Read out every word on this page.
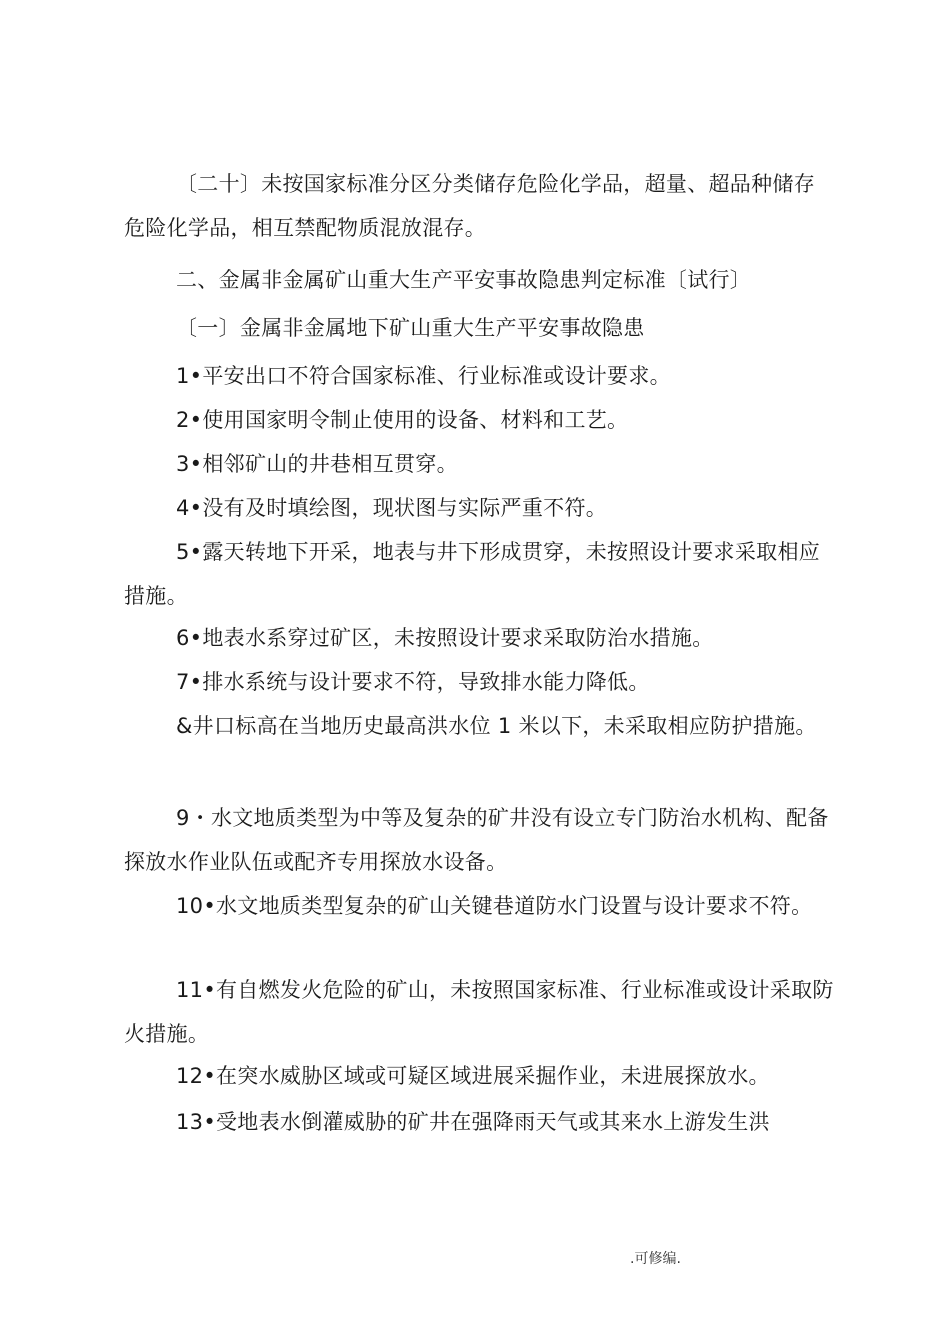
〔二十〕未按国家标准分区分类储存危险化学品，超量、超品种储存危险化学品，相互禁配物质混放混存。

二、金属非金属矿山重大生产平安事故隐患判定标准〔试行〕

〔一〕金属非金属地下矿山重大生产平安事故隐患

1•平安出口不符合国家标准、行业标准或设计要求。

2•使用国家明令制止使用的设备、材料和工艺。

3•相邻矿山的井巷相互贯穿。

4•没有及时填绘图，现状图与实际严重不符。

5•露天转地下开采，地表与井下形成贯穿，未按照设计要求采取相应措施。

6•地表水系穿过矿区，未按照设计要求采取防治水措施。

7•排水系统与设计要求不符，导致排水能力降低。

&井口标高在当地历史最高洪水位 1 米以下，未采取相应防护措施。

9・水文地质类型为中等及复杂的矿井没有设立专门防治水机构、配备探放水作业队伍或配齐专用探放水设备。

10•水文地质类型复杂的矿山关键巷道防水门设置与设计要求不符。

11•有自燃发火危险的矿山，未按照国家标准、行业标准或设计采取防火措施。

12•在突水威胁区域或可疑区域进展采掘作业，未进展探放水。

13•受地表水倒灌威胁的矿井在强降雨天气或其来水上游发生洪

.可修编.
